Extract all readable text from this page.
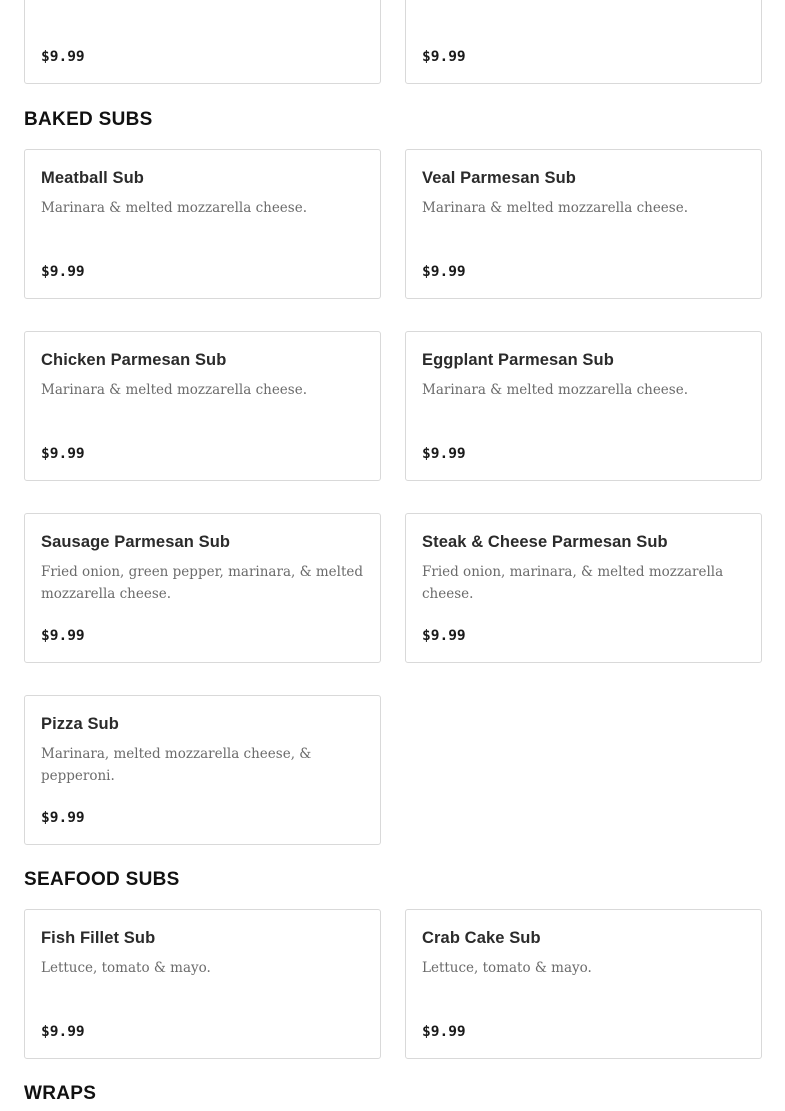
$9.99	$9.99
BAKED SUBS
Meatball Sub
Marinara & melted mozzarella cheese.
$9.99
Veal Parmesan Sub
Marinara & melted mozzarella cheese.
$9.99
Chicken Parmesan Sub
Marinara & melted mozzarella cheese.
$9.99
Eggplant Parmesan Sub
Marinara & melted mozzarella cheese.
$9.99
Sausage Parmesan Sub
Fried onion, green pepper, marinara, & melted mozzarella cheese.
$9.99
Steak & Cheese Parmesan Sub
Fried onion, marinara, & melted mozzarella cheese.
$9.99
Pizza Sub
Marinara, melted mozzarella cheese, & pepperoni.
$9.99
SEAFOOD SUBS
Fish Fillet Sub
Lettuce, tomato & mayo.
$9.99
Crab Cake Sub
Lettuce, tomato & mayo.
$9.99
WRAPS
